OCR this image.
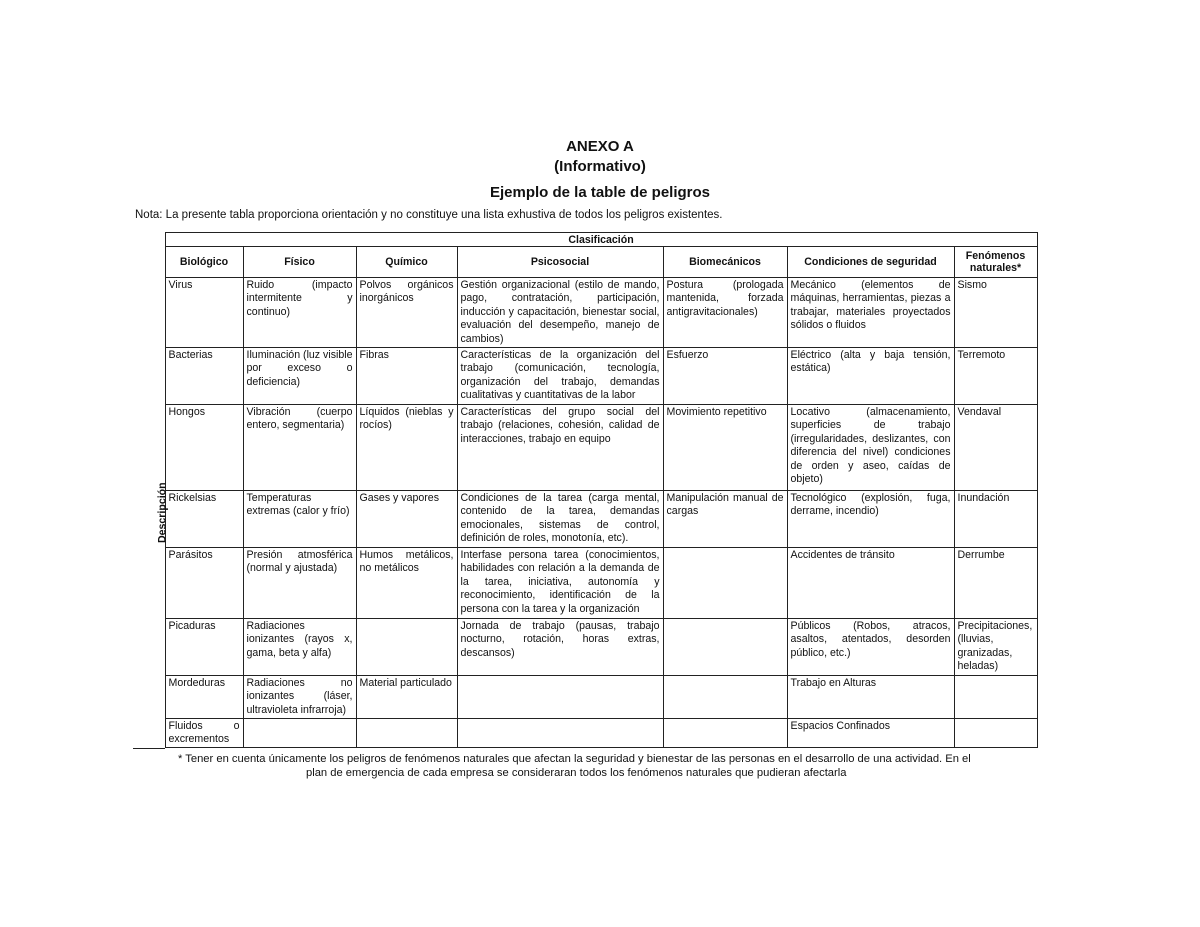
ANEXO A
(Informativo)
Ejemplo de la table de peligros

Nota: La presente tabla proporciona orientación y no constituye una lista exhustiva de todos los peligros existentes.

	Clasificación						
	Biológico	Físico	Químico	Psicosocial	Biomecánicos	Condiciones de seguridad	Fenómenos naturales*
Descripción	Virus	Ruido (impacto intermitente y continuo)	Polvos orgánicos inorgánicos	Gestión organizacional (estilo de mando, pago, contratación, participación, inducción y capacitación, bienestar social, evaluación del desempeño, manejo de cambios)	Postura (prologada mantenida, forzada antigravitacionales)	Mecánico (elementos de máquinas, herramientas, piezas a trabajar, materiales proyectados sólidos o fluidos	Sismo
	Bacterias	Iluminación (luz visible por exceso o deficiencia)	Fibras	Características de la organización del trabajo (comunicación, tecnología, organización del trabajo, demandas cualitativas y cuantitativas de la labor	Esfuerzo	Eléctrico (alta y baja tensión, estática)	Terremoto
	Hongos	Vibración (cuerpo entero, segmentaria)	Líquidos (nieblas y rocíos)	Características del grupo social del trabajo (relaciones, cohesión, calidad de interacciones, trabajo en equipo	Movimiento repetitivo	Locativo (almacenamiento, superficies de trabajo (irregularidades, deslizantes, con diferencia del nivel) condiciones de orden y aseo, caídas de objeto)	Vendaval
	Rickelsias	Temperaturas extremas (calor y frío)	Gases y vapores	Condiciones de la tarea (carga mental, contenido de la tarea, demandas emocionales, sistemas de control, definición de roles, monotonía, etc).	Manipulación manual de cargas	Tecnológico (explosión, fuga, derrame, incendio)	Inundación
	Parásitos	Presión atmosférica (normal y ajustada)	Humos metálicos, no metálicos	Interfase persona tarea (conocimientos, habilidades con relación a la demanda de la tarea, iniciativa, autonomía y reconocimiento, identificación de la persona con la tarea y la organización		Accidentes de tránsito	Derrumbe
	Picaduras	Radiaciones ionizantes (rayos x, gama, beta y alfa)		Jornada de trabajo (pausas, trabajo nocturno, rotación, horas extras, descansos)		Públicos (Robos, atracos, asaltos, atentados, desorden público, etc.)	Precipitaciones, (lluvias, granizadas, heladas)
	Mordeduras	Radiaciones no ionizantes (láser, ultravioleta infrarroja)	Material particulado			Trabajo en Alturas	
	Fluidos o excrementos					Espacios Confinados	

* Tener en cuenta únicamente los peligros de fenómenos naturales que afectan la seguridad y bienestar de las personas en el desarrollo de una actividad. En el
plan de emergencia de cada empresa se consideraran todos los fenómenos naturales que pudieran afectarla
